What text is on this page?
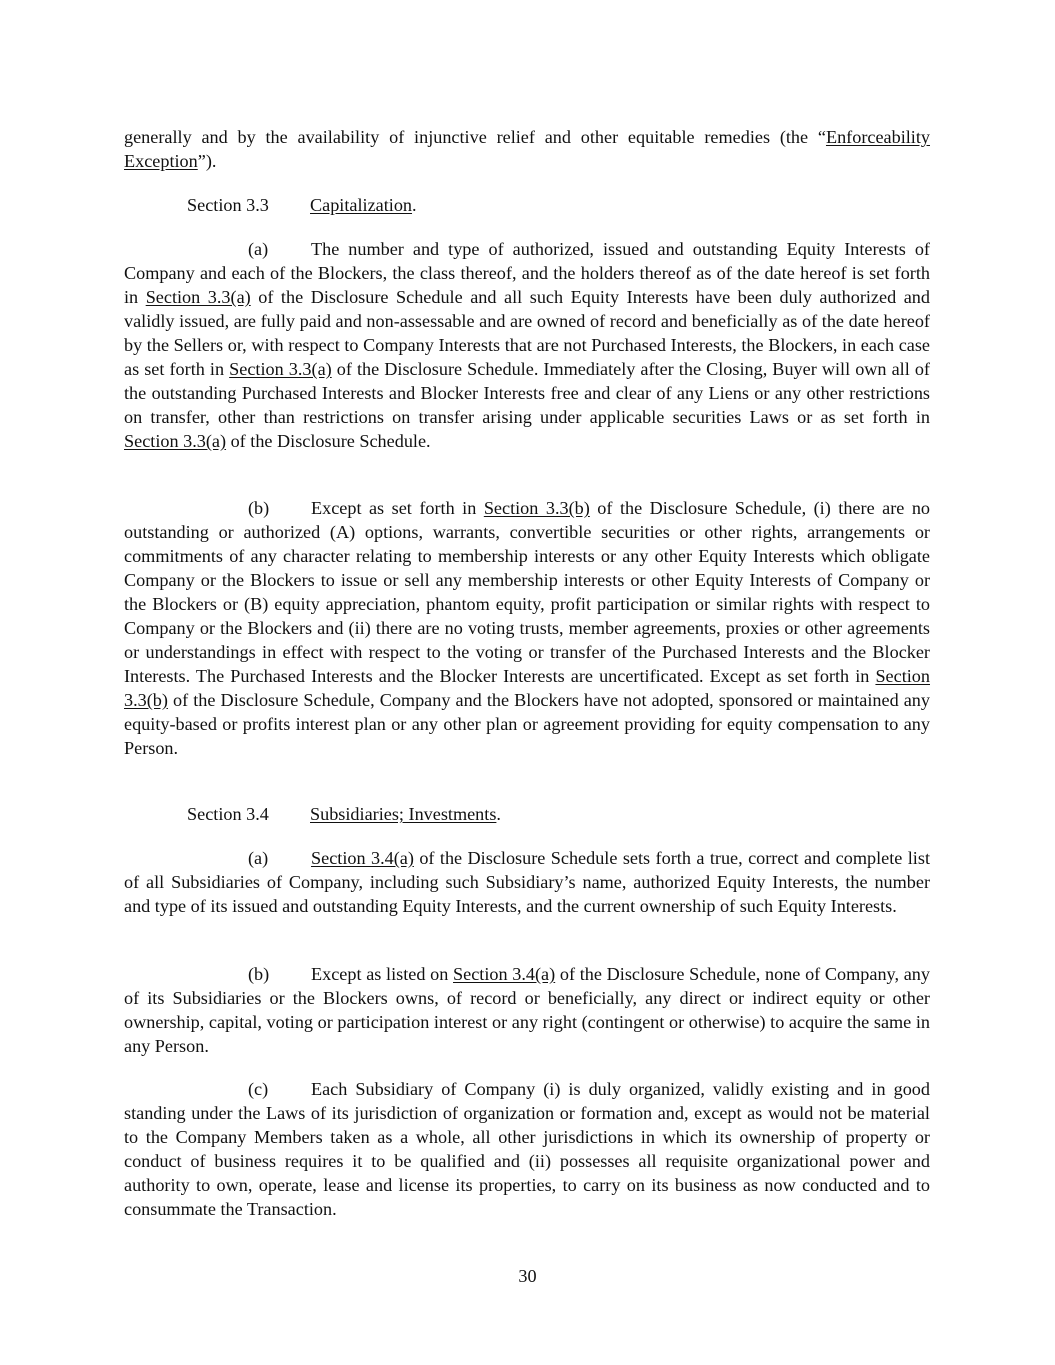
generally and by the availability of injunctive relief and other equitable remedies (the “Enforceability Exception”).

Section 3.3 Capitalization.

(a) The number and type of authorized, issued and outstanding Equity Interests of Company and each of the Blockers, the class thereof, and the holders thereof as of the date hereof is set forth in Section 3.3(a) of the Disclosure Schedule and all such Equity Interests have been duly authorized and validly issued, are fully paid and non-assessable and are owned of record and beneficially as of the date hereof by the Sellers or, with respect to Company Interests that are not Purchased Interests, the Blockers, in each case as set forth in Section 3.3(a) of the Disclosure Schedule. Immediately after the Closing, Buyer will own all of the outstanding Purchased Interests and Blocker Interests free and clear of any Liens or any other restrictions on transfer, other than restrictions on transfer arising under applicable securities Laws or as set forth in Section 3.3(a) of the Disclosure Schedule.

(b) Except as set forth in Section 3.3(b) of the Disclosure Schedule, (i) there are no outstanding or authorized (A) options, warrants, convertible securities or other rights, arrangements or commitments of any character relating to membership interests or any other Equity Interests which obligate Company or the Blockers to issue or sell any membership interests or other Equity Interests of Company or the Blockers or (B) equity appreciation, phantom equity, profit participation or similar rights with respect to Company or the Blockers and (ii) there are no voting trusts, member agreements, proxies or other agreements or understandings in effect with respect to the voting or transfer of the Purchased Interests and the Blocker Interests. The Purchased Interests and the Blocker Interests are uncertificated. Except as set forth in Section 3.3(b) of the Disclosure Schedule, Company and the Blockers have not adopted, sponsored or maintained any equity-based or profits interest plan or any other plan or agreement providing for equity compensation to any Person.

Section 3.4 Subsidiaries; Investments.

(a) Section 3.4(a) of the Disclosure Schedule sets forth a true, correct and complete list of all Subsidiaries of Company, including such Subsidiary’s name, authorized Equity Interests, the number and type of its issued and outstanding Equity Interests, and the current ownership of such Equity Interests.

(b) Except as listed on Section 3.4(a) of the Disclosure Schedule, none of Company, any of its Subsidiaries or the Blockers owns, of record or beneficially, any direct or indirect equity or other ownership, capital, voting or participation interest or any right (contingent or otherwise) to acquire the same in any Person.

(c) Each Subsidiary of Company (i) is duly organized, validly existing and in good standing under the Laws of its jurisdiction of organization or formation and, except as would not be material to the Company Members taken as a whole, all other jurisdictions in which its ownership of property or conduct of business requires it to be qualified and (ii) possesses all requisite organizational power and authority to own, operate, lease and license its properties, to carry on its business as now conducted and to consummate the Transaction.

30
